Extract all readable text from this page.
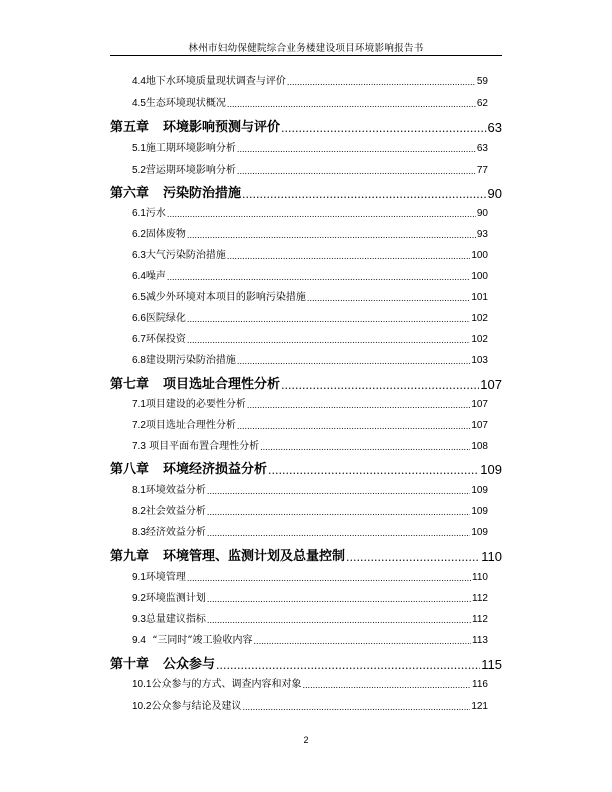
林州市妇幼保健院综合业务楼建设项目环境影响报告书
4.4地下水环境质量现状调查与评价 .....	59
4.5生态环境现状概况 .....	62
第五章 环境影响预测与评价 .....	63
5.1施工期环境影响分析 .....	63
5.2营运期环境影响分析 .....	77
第六章 污染防治措施 .....	90
6.1污水 .....	90
6.2固体废物 .....	93
6.3大气污染防治措施 .....	100
6.4噪声 .....	100
6.5减少外环境对本项目的影响污染措施 .....	101
6.6医院绿化 .....	102
6.7环保投资 .....	102
6.8建设期污染防治措施 .....	103
第七章 项目选址合理性分析 .....	107
7.1项目建设的必要性分析 .....	107
7.2项目选址合理性分析 .....	107
7.3 项目平面布置合理性分析 .....	108
第八章 环境经济损益分析 .....	109
8.1环境效益分析 .....	109
8.2社会效益分析 .....	109
8.3经济效益分析 .....	109
第九章 环境管理、监测计划及总量控制 .....	110
9.1环境管理 .....	110
9.2环境监测计划 .....	112
9.3总量建议指标 .....	112
9.4  “三同时”竣工验收内容 .....	113
第十章 公众参与 .....	115
10.1公众参与的方式、调查内容和对象 .....	116
10.2公众参与结论及建议 .....	121
2
